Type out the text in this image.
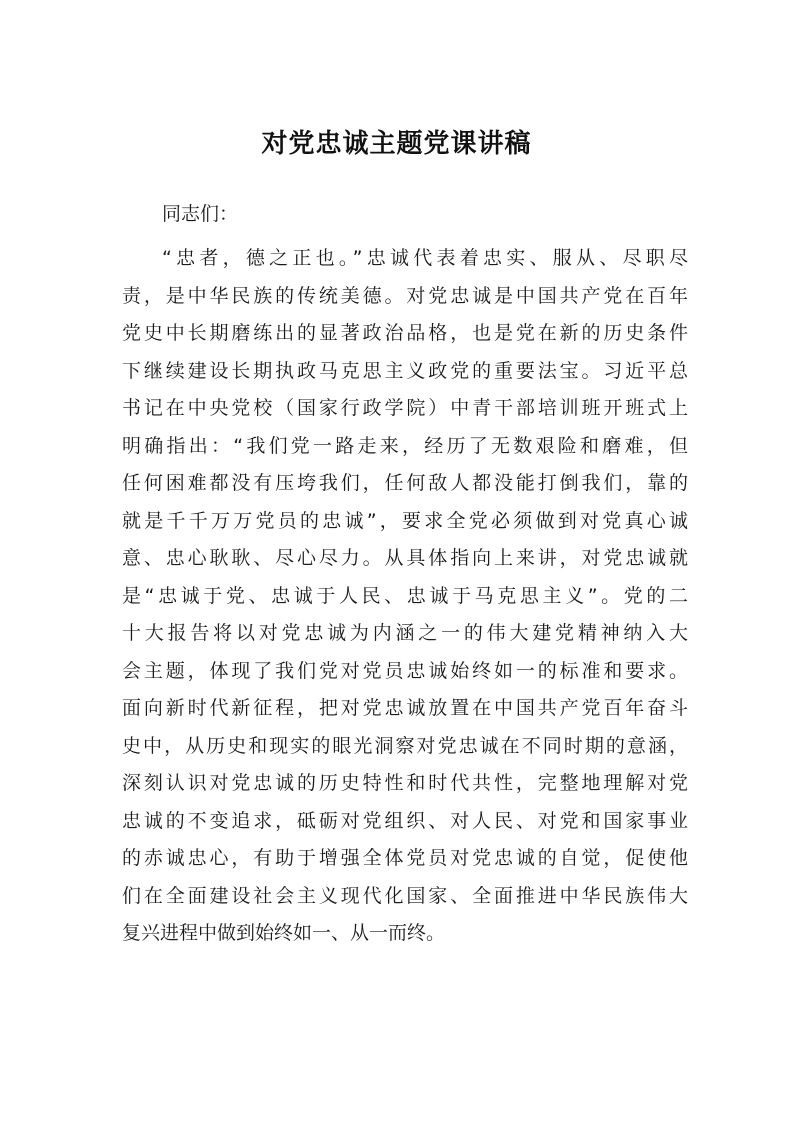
对党忠诚主题党课讲稿

同志们：

“忠者，德之正也。”忠诚代表着忠实、服从、尽职尽
责，是中华民族的传统美德。对党忠诚是中国共产党在百年
党史中长期磨练出的显著政治品格，也是党在新的历史条件
下继续建设长期执政马克思主义政党的重要法宝。习近平总
书记在中央党校（国家行政学院）中青干部培训班开班式上
明确指出：“我们党一路走来，经历了无数艰险和磨难，但
任何困难都没有压垮我们，任何敌人都没能打倒我们，靠的
就是千千万万党员的忠诚”，要求全党必须做到对党真心诚
意、忠心耿耿、尽心尽力。从具体指向上来讲，对党忠诚就
是“忠诚于党、忠诚于人民、忠诚于马克思主义”。党的二
十大报告将以对党忠诚为内涵之一的伟大建党精神纳入大
会主题，体现了我们党对党员忠诚始终如一的标准和要求。
面向新时代新征程，把对党忠诚放置在中国共产党百年奋斗
史中，从历史和现实的眼光洞察对党忠诚在不同时期的意涵，
深刻认识对党忠诚的历史特性和时代共性，完整地理解对党
忠诚的不变追求，砥砺对党组织、对人民、对党和国家事业
的赤诚忠心，有助于增强全体党员对党忠诚的自觉，促使他
们在全面建设社会主义现代化国家、全面推进中华民族伟大
复兴进程中做到始终如一、从一而终。
